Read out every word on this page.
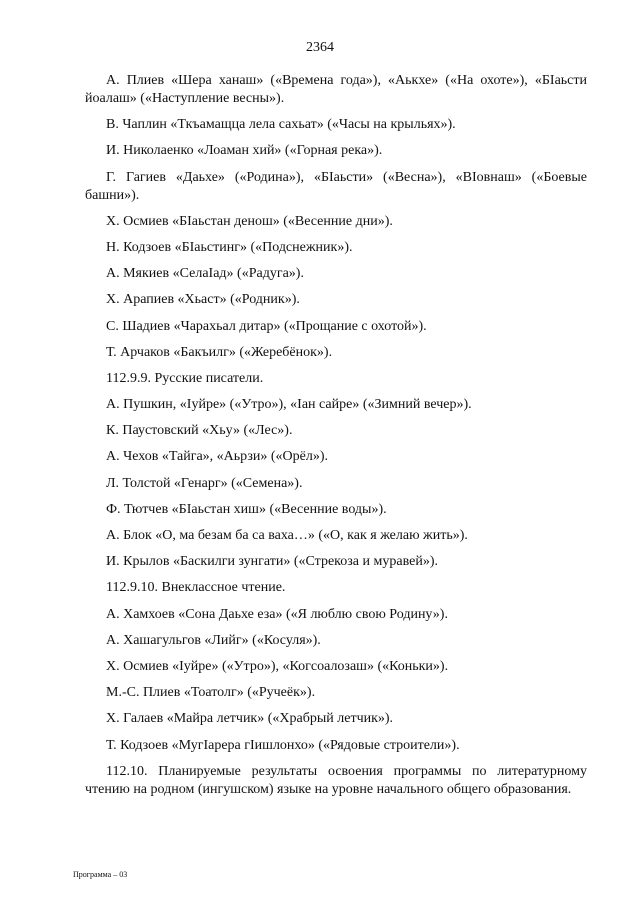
2364

А. Плиев «Шера ханаш» («Времена года»), «Аькхе» («На охоте»), «БІаьсти йоалаш» («Наступление весны»).

В. Чаплин «Ткъамащца лела сахьат» («Часы на крыльях»).

И. Николаенко «Лоаман хий» («Горная река»).

Г. Гагиев «Даьхе» («Родина»), «БІаьсти» («Весна»), «ВІовнаш» («Боевые башни»).

Х. Осмиев «БІаьстан денош» («Весенние дни»).

Н. Кодзоев «БІаьстинг» («Подснежник»).

А. Мякиев «СелаІад» («Радуга»).

Х. Арапиев «Хьаст» («Родник»).

С. Шадиев «Чарахьал дитар» («Прощание с охотой»).

Т. Арчаков «Бакъилг» («Жеребёнок»).

112.9.9. Русские писатели.

А. Пушкин, «Іуйре» («Утро»), «Іан сайре» («Зимний вечер»).

К. Паустовский «Хьу» («Лес»).

А. Чехов «Тайга», «Аьрзи» («Орёл»).

Л. Толстой «Генарг» («Семена»).

Ф. Тютчев «БІаьстан хиш» («Весенние воды»).

А. Блок «О, ма безам ба са ваха…» («О, как я желаю жить»).

И. Крылов «Баскилги зунгати» («Стрекоза и муравей»).

112.9.10. Внеклассное чтение.

А. Хамхоев «Сона Даьхе еза» («Я люблю свою Родину»).

А. Хашагульгов «Лийг» («Косуля»).

Х. Осмиев «Іуйре» («Утро»), «Когсоалозаш» («Коньки»).

М.-С. Плиев «Тоатолг» («Ручеёк»).

Х. Галаев «Майра летчик» («Храбрый летчик»).

Т. Кодзоев «МугІарера гІишлонхо» («Рядовые строители»).

112.10. Планируемые результаты освоения программы по литературному чтению на родном (ингушском) языке на уровне начального общего образования.

Программа – 03
